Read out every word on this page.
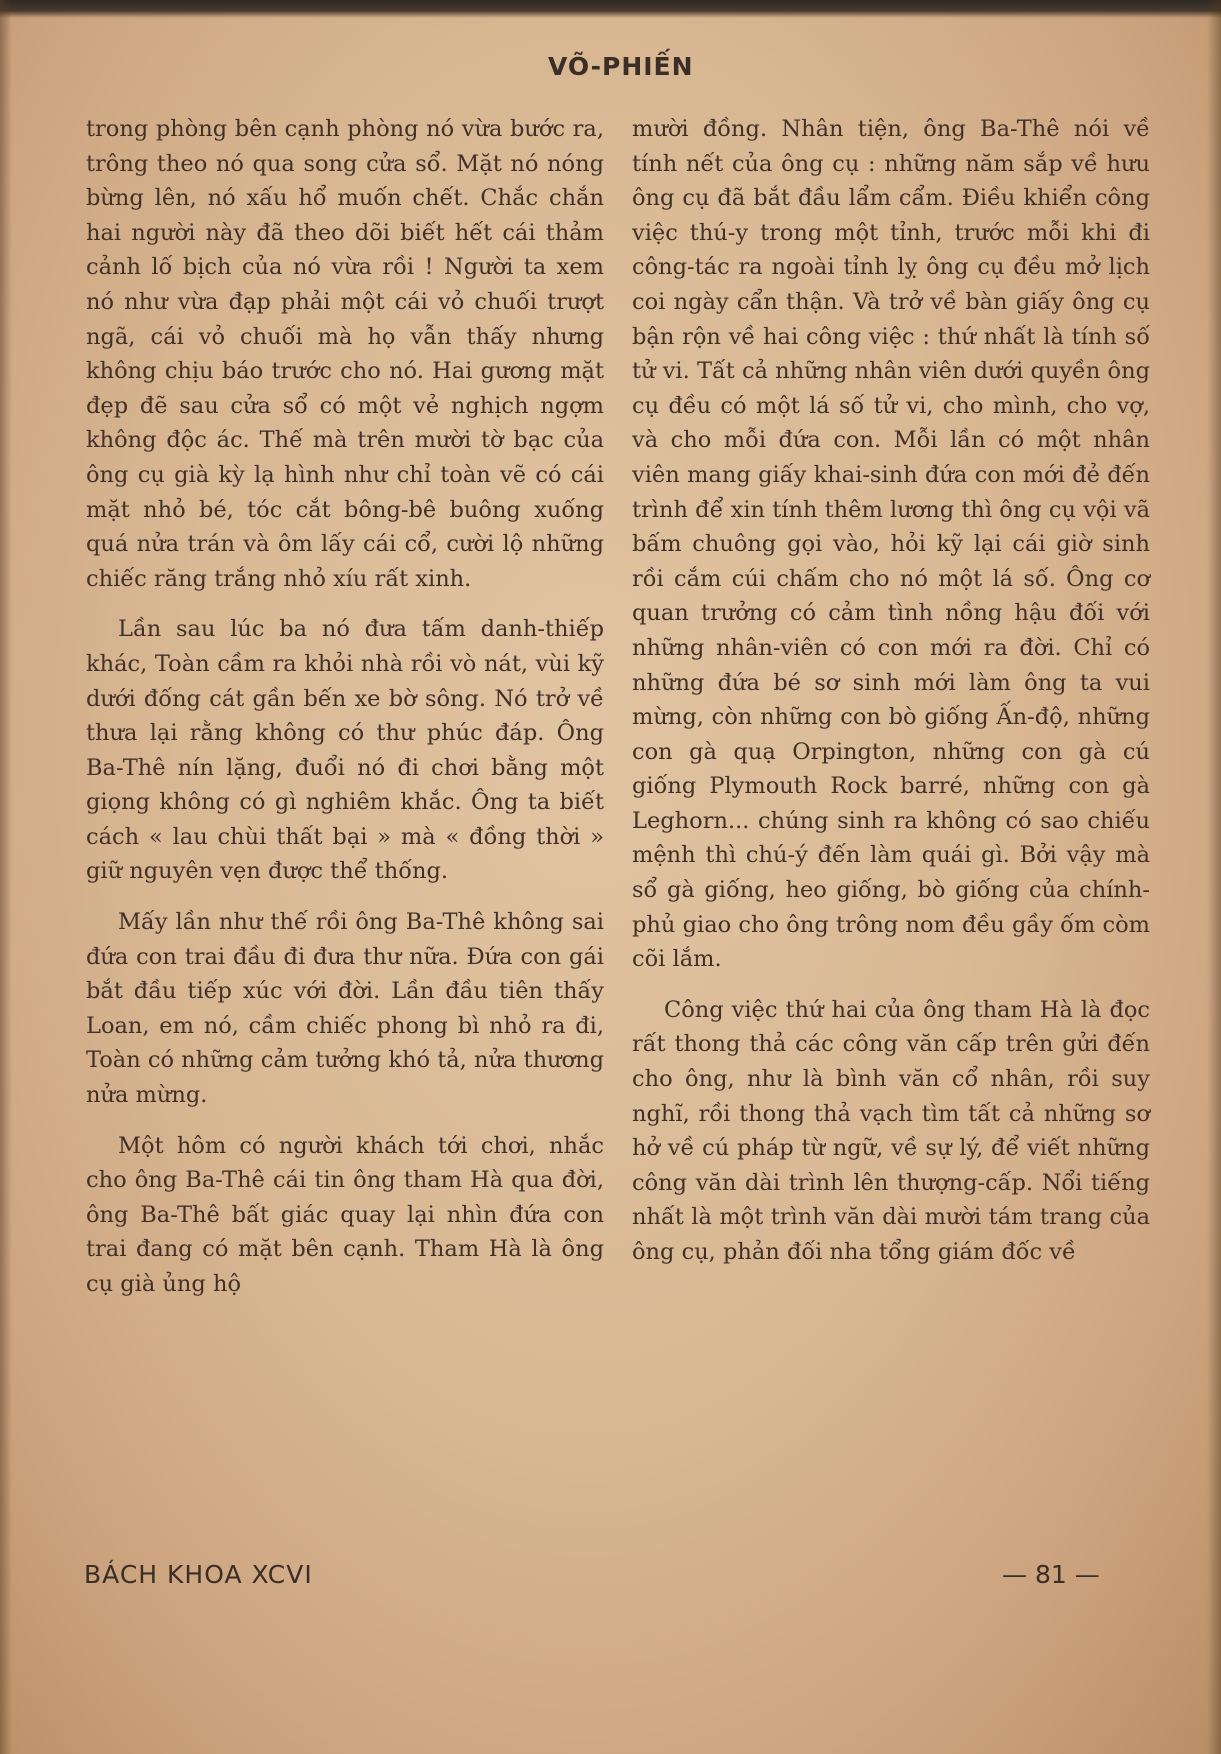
VÕ-PHIẾN

trong phòng bên cạnh phòng nó vừa bước ra, trông theo nó qua song cửa sổ. Mặt nó nóng bừng lên, nó xấu hổ muốn chết. Chắc chắn hai người này đã theo dõi biết hết cái thảm cảnh lố bịch của nó vừa rồi ! Người ta xem nó như vừa đạp phải một cái vỏ chuối trượt ngã, cái vỏ chuối mà họ vẫn thấy nhưng không chịu báo trước cho nó. Hai gương mặt đẹp đẽ sau cửa sổ có một vẻ nghịch ngợm không độc ác. Thế mà trên mười tờ bạc của ông cụ già kỳ lạ hình như chỉ toàn vẽ có cái mặt nhỏ bé, tóc cắt bông-bê buông xuống quá nửa trán và ôm lấy cái cổ, cười lộ những chiếc răng trắng nhỏ xíu rất xinh.

Lần sau lúc ba nó đưa tấm danh-thiếp khác, Toàn cầm ra khỏi nhà rồi vò nát, vùi kỹ dưới đống cát gần bến xe bờ sông. Nó trở về thưa lại rằng không có thư phúc đáp. Ông Ba-Thê nín lặng, đuổi nó đi chơi bằng một giọng không có gì nghiêm khắc. Ông ta biết cách « lau chùi thất bại » mà « đồng thời » giữ nguyên vẹn được thể thống.

Mấy lần như thế rồi ông Ba-Thê không sai đứa con trai đầu đi đưa thư nữa. Đứa con gái bắt đầu tiếp xúc với đời. Lần đầu tiên thấy Loan, em nó, cầm chiếc phong bì nhỏ ra đi, Toàn có những cảm tưởng khó tả, nửa thương nửa mừng.

Một hôm có người khách tới chơi, nhắc cho ông Ba-Thê cái tin ông tham Hà qua đời, ông Ba-Thê bất giác quay lại nhìn đứa con trai đang có mặt bên cạnh. Tham Hà là ông cụ già ủng hộ

mười đồng. Nhân tiện, ông Ba-Thê nói về tính nết của ông cụ : những năm sắp về hưu ông cụ đã bắt đầu lẩm cẩm. Điều khiển công việc thú-y trong một tỉnh, trước mỗi khi đi công-tác ra ngoài tỉnh lỵ ông cụ đều mở lịch coi ngày cẩn thận. Và trở về bàn giấy ông cụ bận rộn về hai công việc : thứ nhất là tính số tử vi. Tất cả những nhân viên dưới quyền ông cụ đều có một lá số tử vi, cho mình, cho vợ, và cho mỗi đứa con. Mỗi lần có một nhân viên mang giấy khai-sinh đứa con mới đẻ đến trình để xin tính thêm lương thì ông cụ vội vã bấm chuông gọi vào, hỏi kỹ lại cái giờ sinh rồi cắm cúi chấm cho nó một lá số. Ông cơ quan trưởng có cảm tình nồng hậu đối với những nhân-viên có con mới ra đời. Chỉ có những đứa bé sơ sinh mới làm ông ta vui mừng, còn những con bò giống Ấn-độ, những con gà quạ Orpington, những con gà cú giống Plymouth Rock barré, những con gà Leghorn... chúng sinh ra không có sao chiếu mệnh thì chú-ý đến làm quái gì. Bởi vậy mà sổ gà giống, heo giống, bò giống của chính-phủ giao cho ông trông nom đều gầy ốm còm cõi lắm.

Công việc thứ hai của ông tham Hà là đọc rất thong thả các công văn cấp trên gửi đến cho ông, như là bình văn cổ nhân, rồi suy nghĩ, rồi thong thả vạch tìm tất cả những sơ hở về cú pháp từ ngữ, về sự lý, để viết những công văn dài trình lên thượng-cấp. Nổi tiếng nhất là một trình văn dài mười tám trang của ông cụ, phản đối nha tổng giám đốc về

BÁCH KHOA XCVI	— 81 —
